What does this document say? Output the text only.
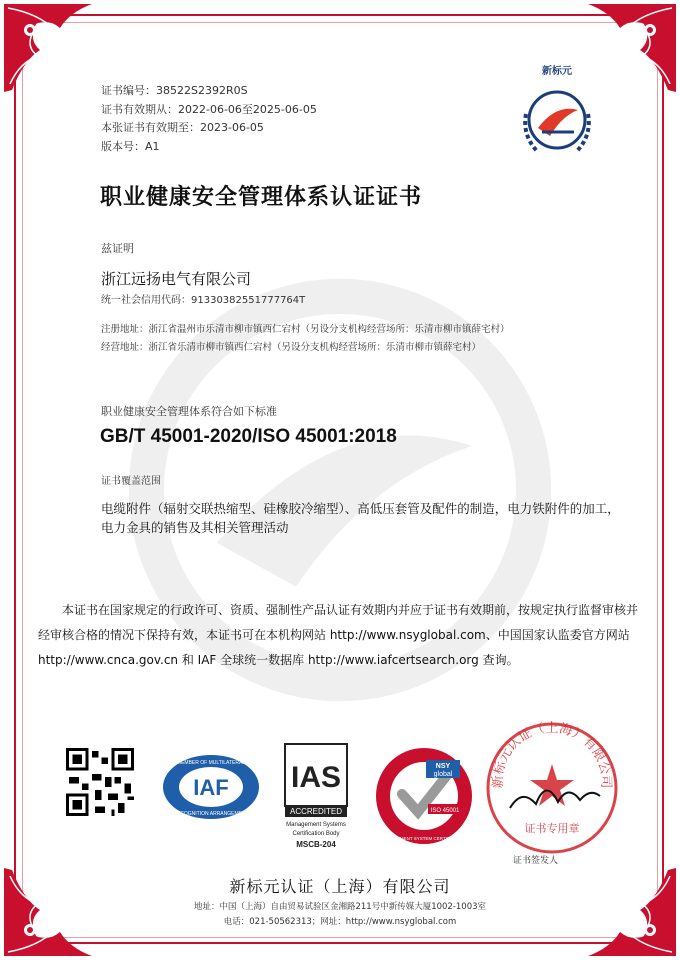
证书编号：38522S2392R0S
证书有效期从：2022-06-06至2025-06-05
本张证书有效期至：2023-06-05
版本号：A1
新标元
职业健康安全管理体系认证证书
兹证明
浙江远扬电气有限公司
统一社会信用代码：91330382551777764T
注册地址：浙江省温州市乐清市柳市镇西仁宕村（另设分支机构经营场所：乐清市柳市镇薛宅村）
经营地址：浙江省乐清市柳市镇西仁宕村（另设分支机构经营场所：乐清市柳市镇薛宅村）
职业健康安全管理体系符合如下标准
GB/T 45001-2020/ISO 45001:2018
证书覆盖范围
电缆附件（辐射交联热缩型、硅橡胶冷缩型）、高低压套管及配件的制造，电力铁附件的加工，电力金具的销售及其相关管理活动
本证书在国家规定的行政许可、资质、强制性产品认证有效期内并应于证书有效期前，按规定执行监督审核并经审核合格的情况下保持有效，本证书可在本机构网站 http://www.nsyglobal.com、中国国家认监委官方网站 http://www.cnca.gov.cn 和 IAF 全球统一数据库 http://www.iafcertsearch.org 查询。
IAF
MEMBER OF MULTILATERAL
RECOGNITION ARRANGEMENT
IAS
ACCREDITED
Management Systems
Certification Body
MSCB-204
NSY
global
ISO 45001
MANAGEMENT SYSTEM CERTIFICATION
新标元认证（上海）有限公司
证书专用章
证书签发人
新标元认证（上海）有限公司
地址：中国（上海）自由贸易试验区金湘路211号中新传媒大厦1002-1003室
电话：021-50562313；网址：http://www.nsyglobal.com
